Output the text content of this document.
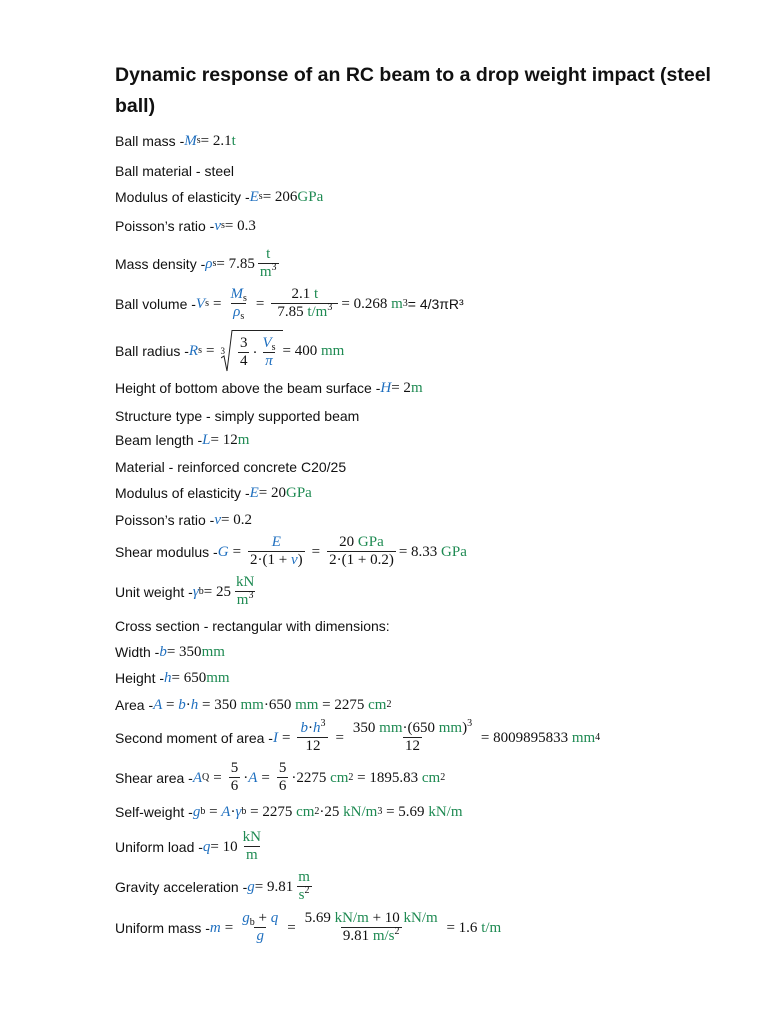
Dynamic response of an RC beam to a drop weight impact (steel ball)
Ball mass - M s = 2.1 t
Ball material - steel
Modulus of elasticity - E s = 206 GPa
Poisson’s ratio - ν s = 0.3
Mass density - ρ $s = 7.85 \frac{t}{m^3}$
Ball volume - V $s = \frac{M_s}{\rho_s} = \frac{2.1 t}{7.85 t/m^3} = 0.268$
m 3 = 4/3πR³
Ball radius - R $s = 3 \frac{3}{4} \cdot \frac{V_s}{\pi} = 400$
mm
Height of bottom above the beam surface - H = 2 m
Structure type - simply supported beam
Beam length - L = 12 m
Material - reinforced concrete C20/25
Modulus of elasticity - E = 20 GPa
Poisson’s ratio - ν = 0.2
Shear modulus - $G = \frac{E}{2\cdot(1 + \nu)} = \frac{\text{20 GPa}}{2\cdot(1 + 0.2)} = 8.33$
GPa
Unit weight - γ $b = 25 \frac{kN}{m^3}$
Cross section - rectangular with dimensions:
Width - b = 350 mm
Height - h = 650 mm
Area - A = b · h = 350 mm ·650 mm = 2275 cm 2
Second moment of area - $I = \frac{b\cdot h^3}{12} = \frac{350 mm\cdot(650 mm)^3}{12} = 8009895833$ mm 4
Shear area - A $Q = \frac{5}{6} \cdot A = \frac{5}{6} \cdot 2275$ cm 2 = 1895.83 cm 2
Self-weight - g b = A · γ b = 2275 cm 2 ·25 kN/m 3 = 5.69 kN/m
Uniform load - $q = 10 \frac{kN}{m}$
Gravity acceleration - $g = 9.81 \frac{m}{s^2}$
Uniform mass - $m = \frac{g_b + q}{g} = \frac{5.69 kN/m + 10 kN/m}{9.81 m/s^2} = 1.6$ t/m
